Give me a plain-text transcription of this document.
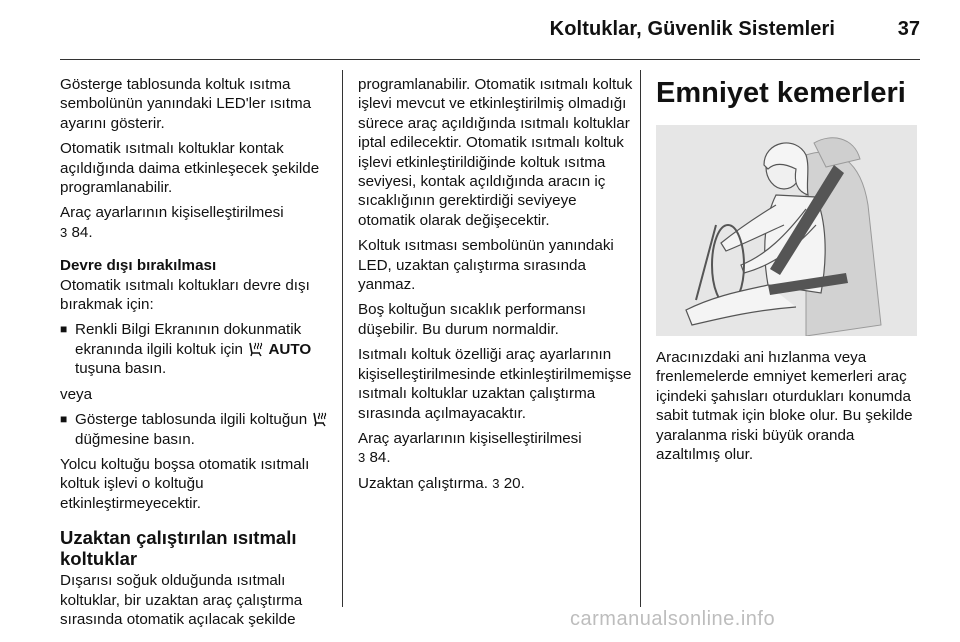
Koltuklar, Güvenlik Sistemleri	37

Gösterge tablosunda koltuk ısıtma sembolünün yanındaki LED'ler ısıtma ayarını gösterir.

Otomatik ısıtmalı koltuklar kontak açıldığında daima etkinleşecek şekilde programlanabilir.

Araç ayarlarının kişiselleştirilmesi
3 84.

Devre dışı bırakılması

Otomatik ısıtmalı koltukları devre dışı bırakmak için:

■ Renkli Bilgi Ekranının dokunmatik ekranında ilgili koltuk için AUTO tuşuna basın.

veya

■ Gösterge tablosunda ilgili koltuğun  düğmesine basın.

Yolcu koltuğu boşsa otomatik ısıtmalı koltuk işlevi o koltuğu etkinleştirmeyecektir.

Uzaktan çalıştırılan ısıtmalı koltuklar

Dışarısı soğuk olduğunda ısıtmalı koltuklar, bir uzaktan araç çalıştırma sırasında otomatik açılacak şekilde

programlanabilir. Otomatik ısıtmalı koltuk işlevi mevcut ve etkinleştirilmiş olmadığı sürece araç açıldığında ısıtmalı koltuklar iptal edilecektir. Otomatik ısıtmalı koltuk işlevi etkinleştirildiğinde koltuk ısıtma seviyesi, kontak açıldığında aracın iç sıcaklığının gerektirdiği seviyeye otomatik olarak değişecektir.

Koltuk ısıtması sembolünün yanındaki LED, uzaktan çalıştırma sırasında yanmaz.

Boş koltuğun sıcaklık performansı düşebilir. Bu durum normaldir.

Isıtmalı koltuk özelliği araç ayarlarının kişiselleştirilmesinde etkinleştirilmemişse ısıtmalı koltuklar uzaktan çalıştırma sırasında açılmayacaktır.

Araç ayarlarının kişiselleştirilmesi
3 84.

Uzaktan çalıştırma. 3 20.

Emniyet kemerleri

Aracınızdaki ani hızlanma veya frenlemelerde emniyet kemerleri araç içindeki şahısları oturdukları konumda sabit tutmak için bloke olur. Bu şekilde yaralanma riski büyük oranda azaltılmış olur.

carmanualsonline.info
